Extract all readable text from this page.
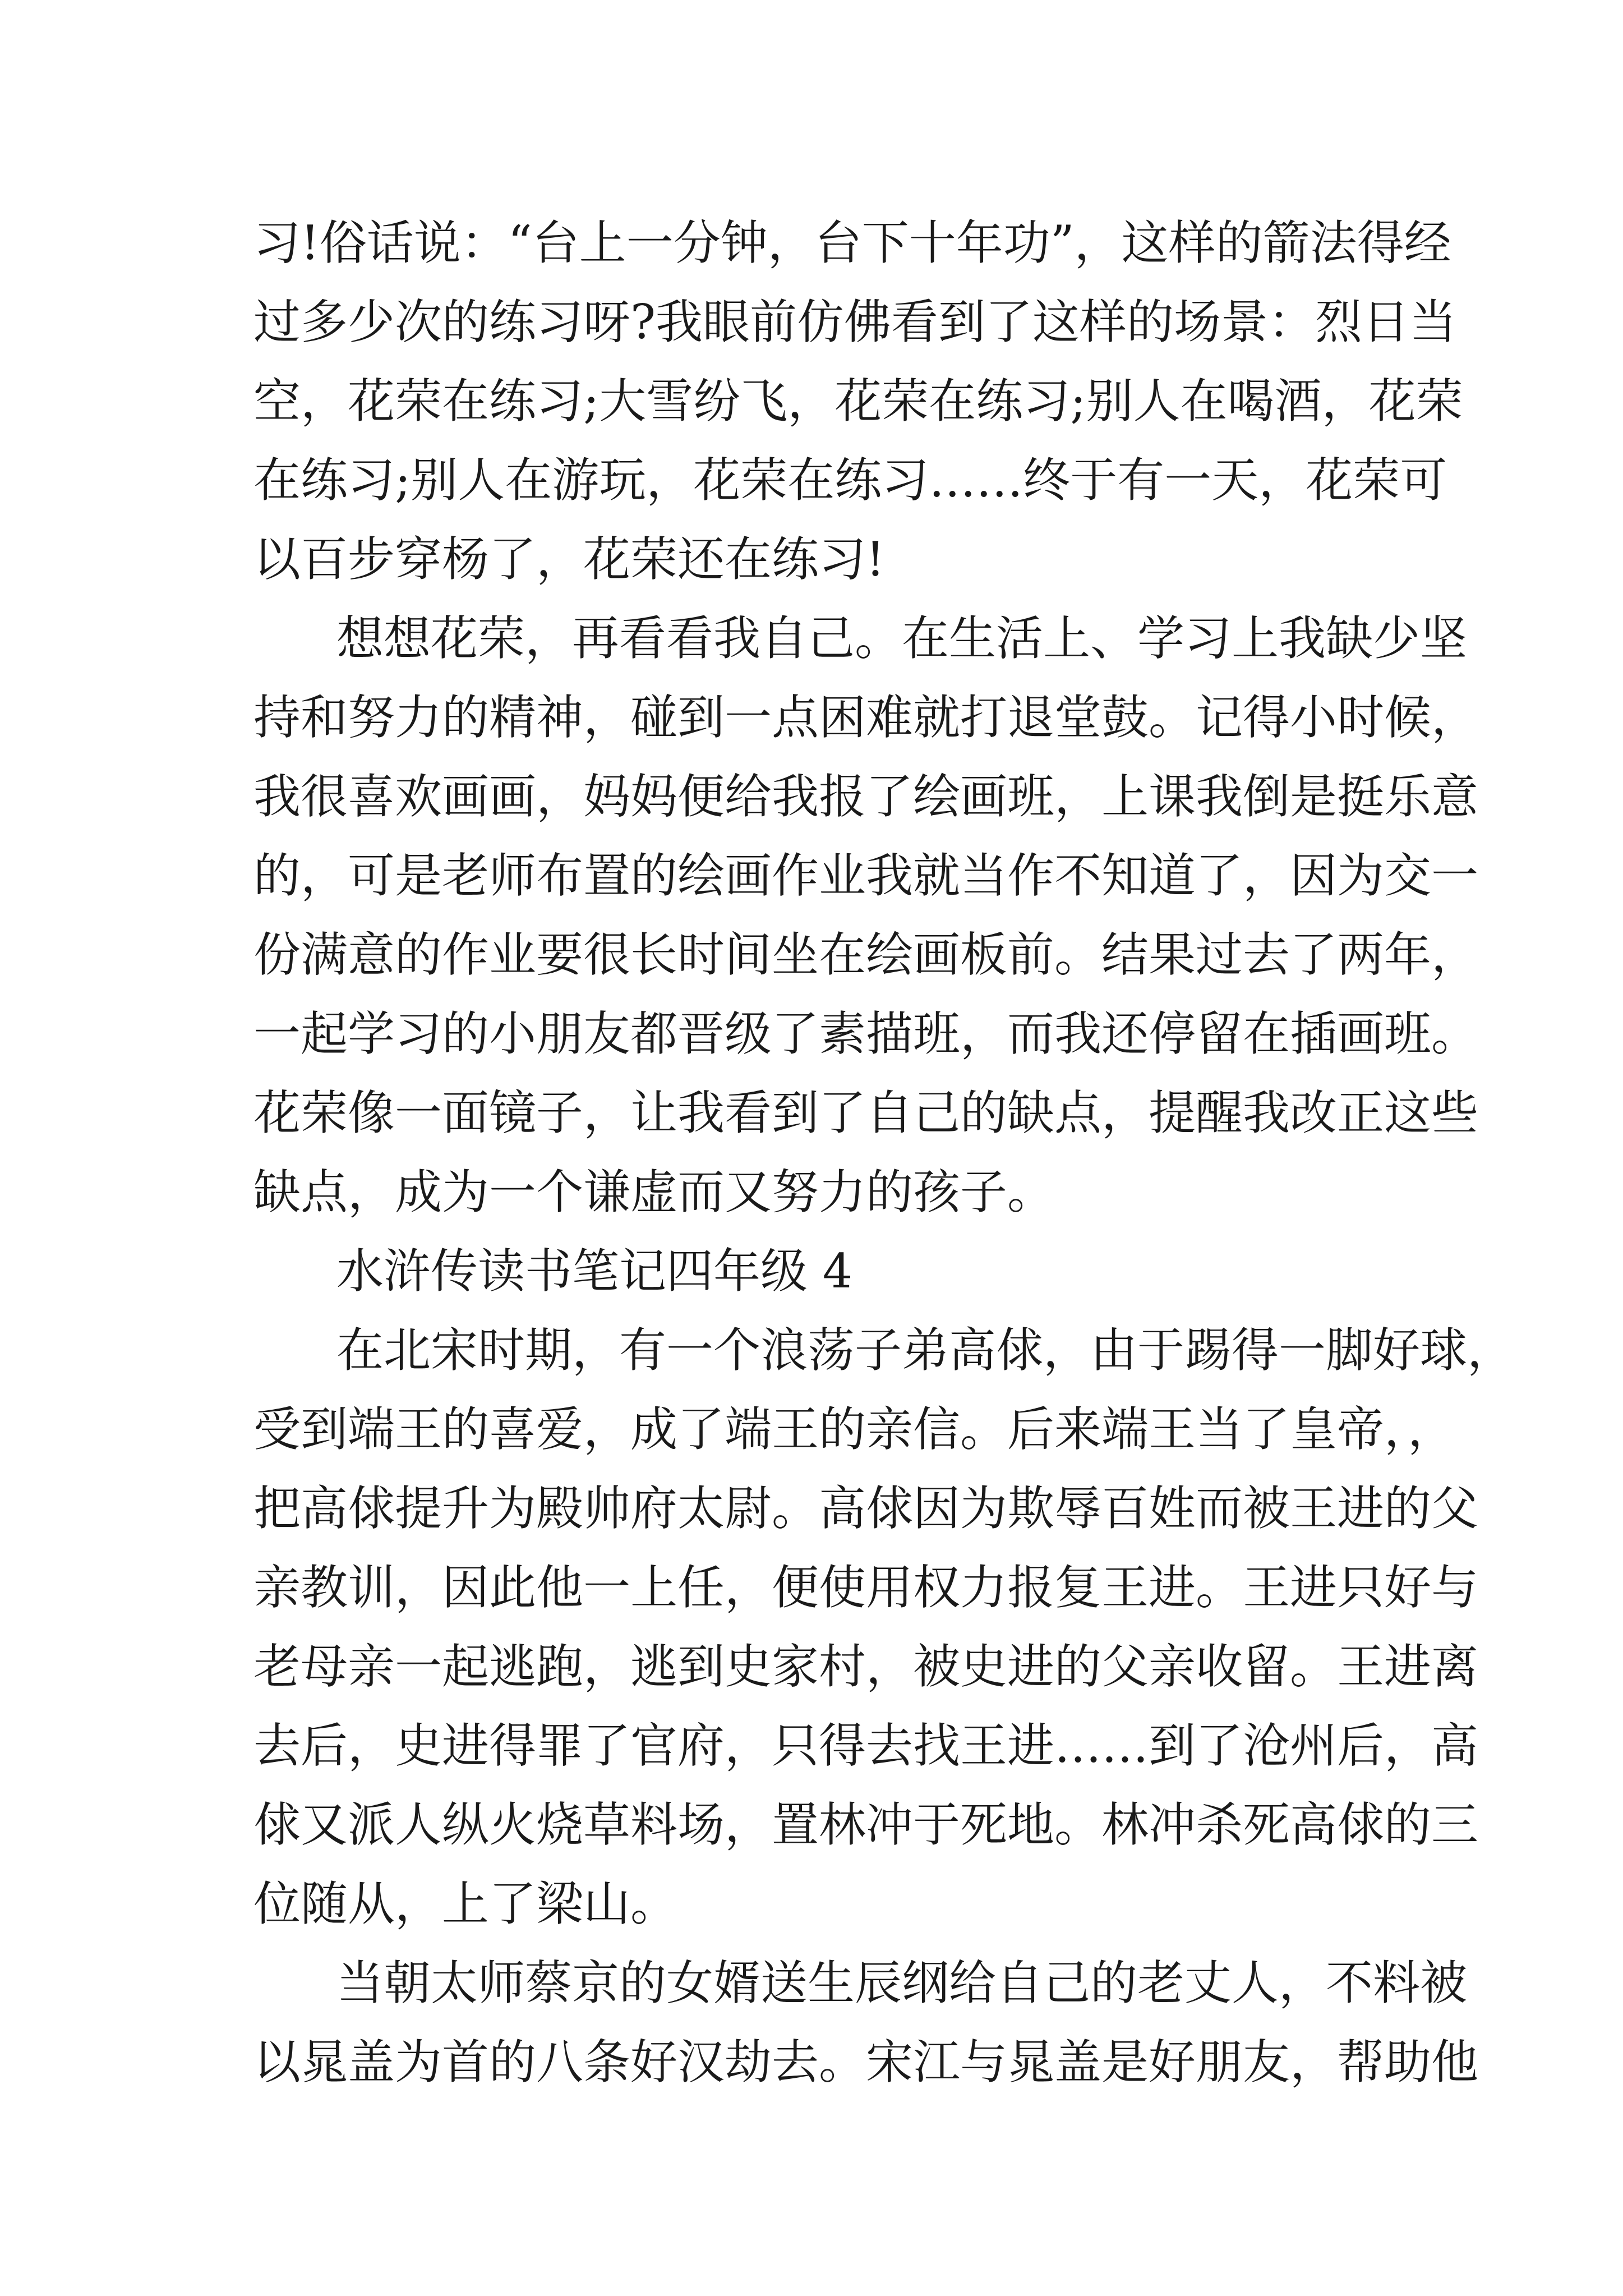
习!俗话说：“台上一分钟，台下十年功”，这样的箭法得经
过多少次的练习呀?我眼前仿佛看到了这样的场景：烈日当
空，花荣在练习;大雪纷飞，花荣在练习;别人在喝酒，花荣
在练习;别人在游玩，花荣在练习……终于有一天，花荣可
以百步穿杨了，花荣还在练习!
想想花荣，再看看我自己。在生活上、学习上我缺少坚
持和努力的精神，碰到一点困难就打退堂鼓。记得小时候，
我很喜欢画画，妈妈便给我报了绘画班，上课我倒是挺乐意
的，可是老师布置的绘画作业我就当作不知道了，因为交一
份满意的作业要很长时间坐在绘画板前。结果过去了两年，
一起学习的小朋友都晋级了素描班，而我还停留在插画班。
花荣像一面镜子，让我看到了自己的缺点，提醒我改正这些
缺点，成为一个谦虚而又努力的孩子。
水浒传读书笔记四年级 4
在北宋时期，有一个浪荡子弟高俅，由于踢得一脚好球，
受到端王的喜爱，成了端王的亲信。后来端王当了皇帝，，
把高俅提升为殿帅府太尉。高俅因为欺辱百姓而被王进的父
亲教训，因此他一上任，便使用权力报复王进。王进只好与
老母亲一起逃跑，逃到史家村，被史进的父亲收留。王进离
去后，史进得罪了官府，只得去找王进……到了沧州后，高
俅又派人纵火烧草料场，置林冲于死地。林冲杀死高俅的三
位随从，上了梁山。
当朝太师蔡京的女婿送生辰纲给自己的老丈人，不料被
以晁盖为首的八条好汉劫去。宋江与晁盖是好朋友，帮助他
